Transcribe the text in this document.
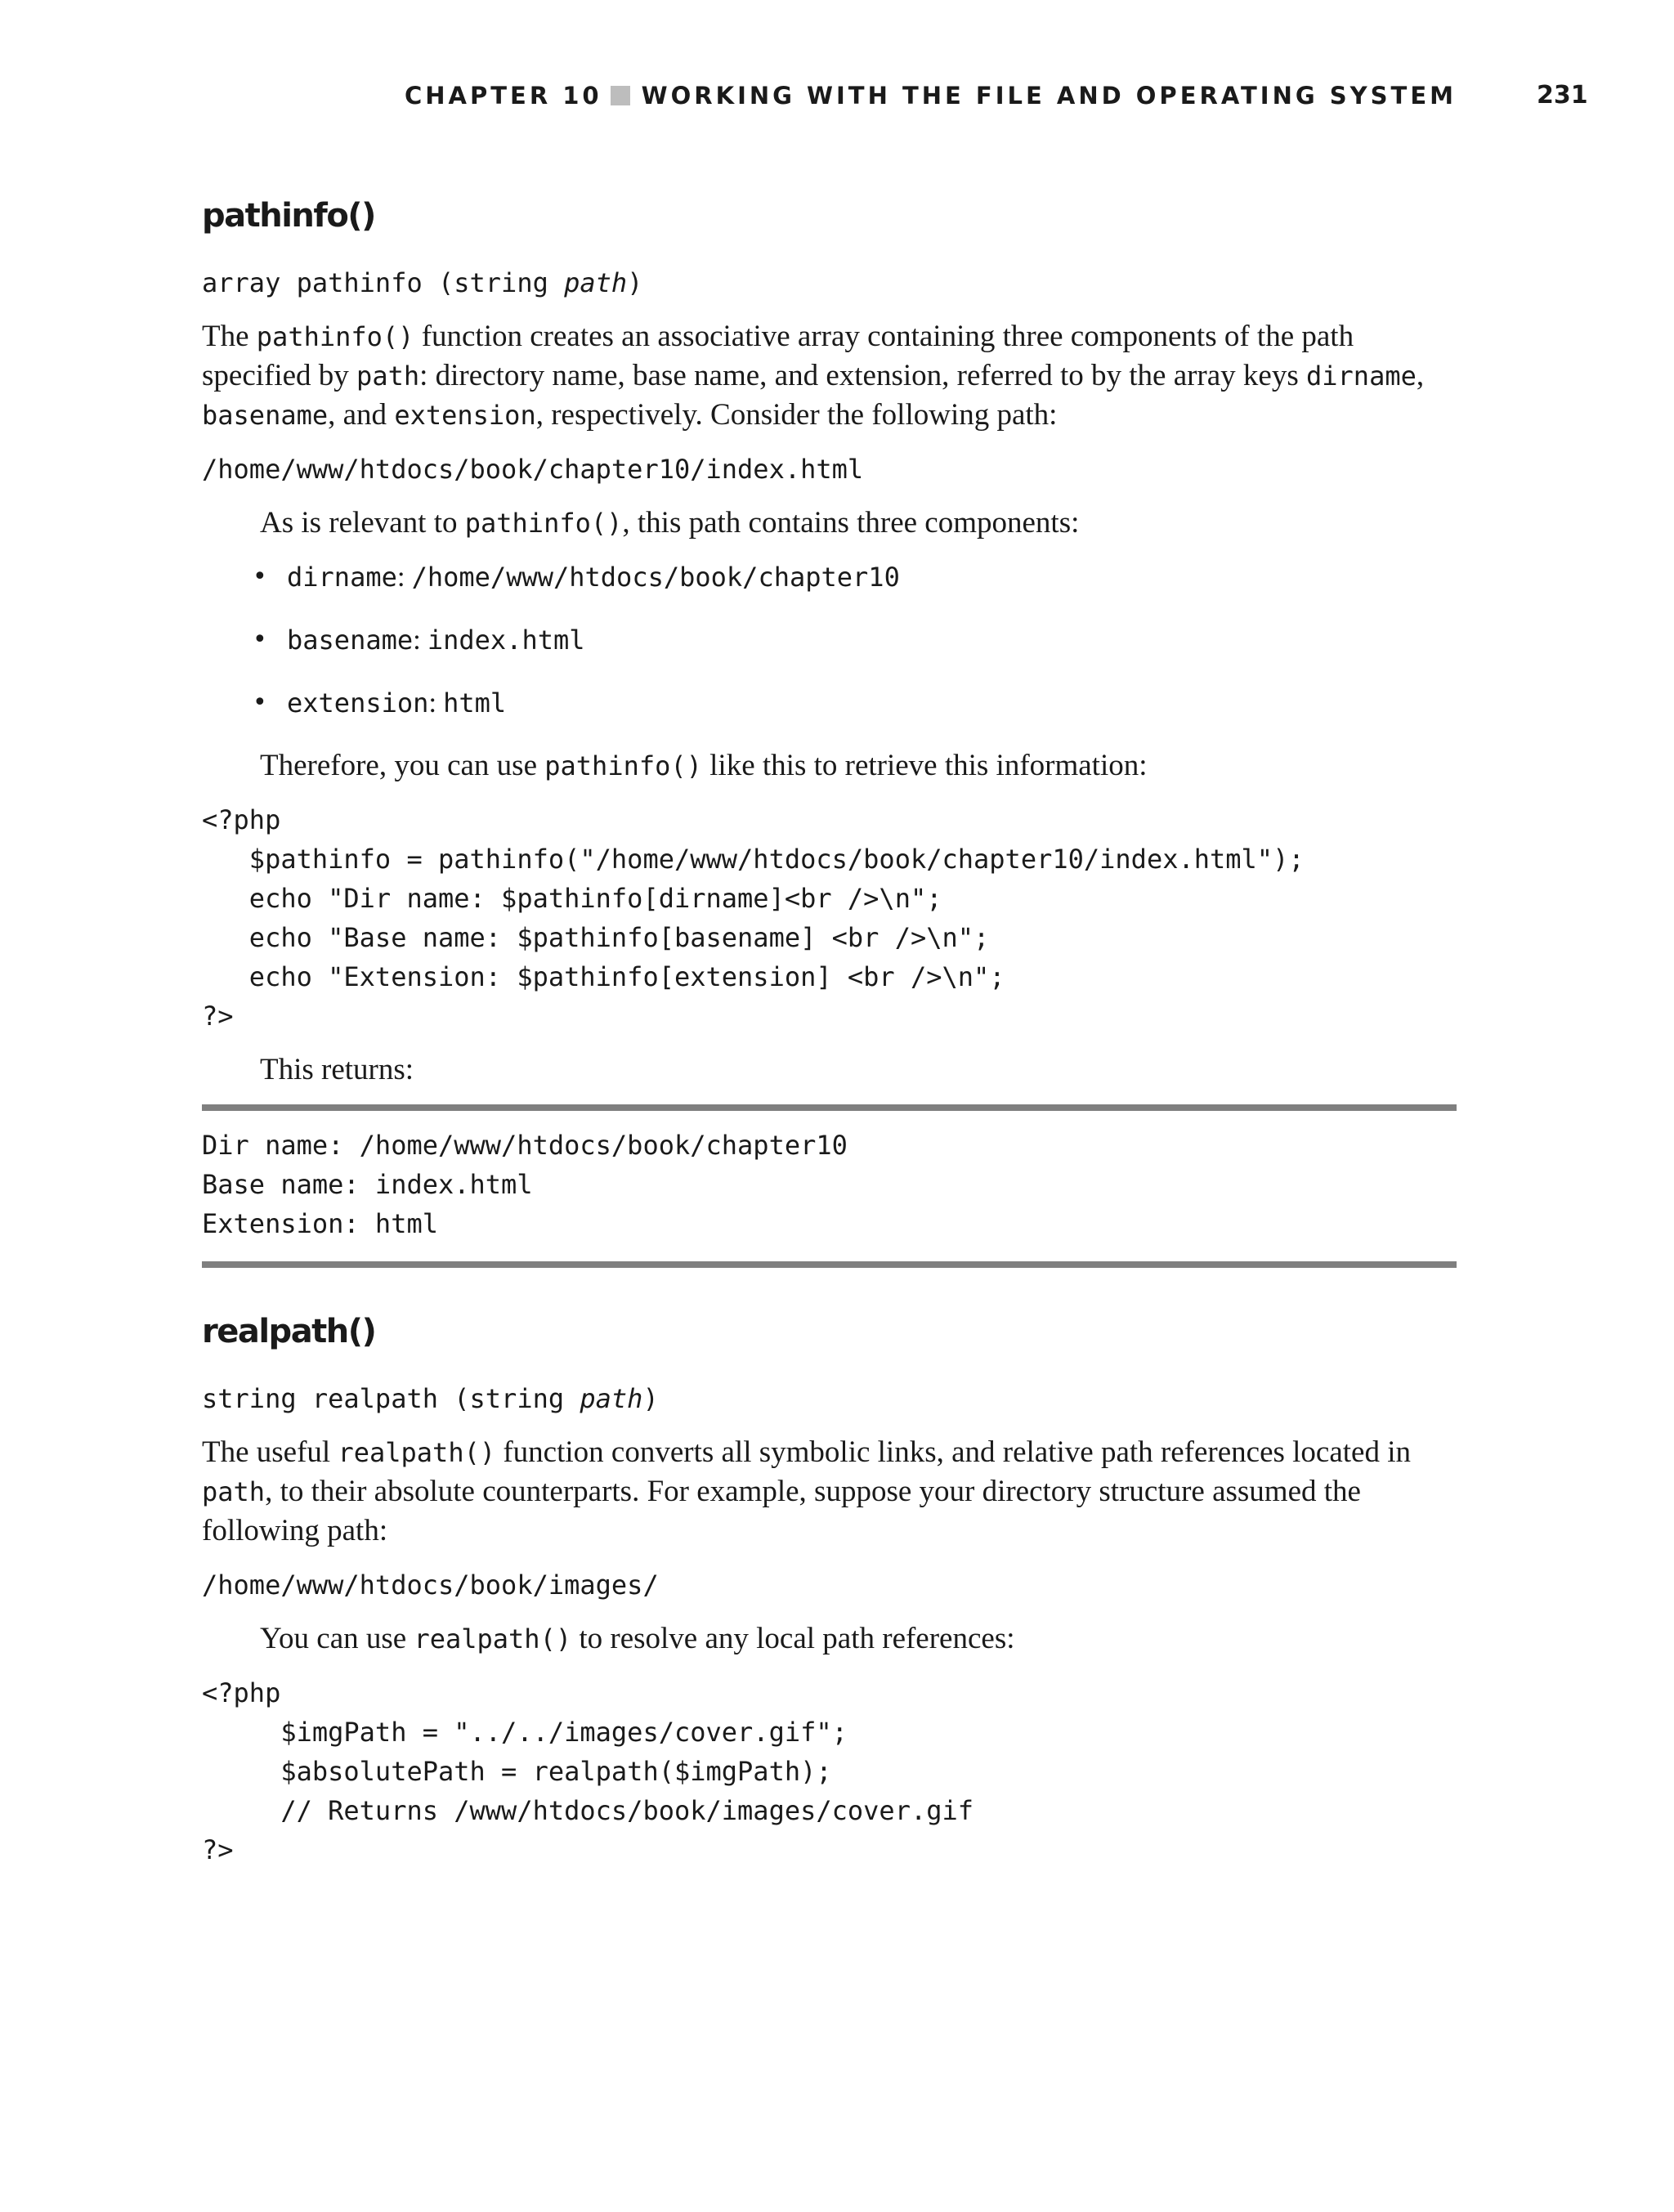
CHAPTER 10 WORKING WITH THE FILE AND OPERATING SYSTEM	231
pathinfo()
array pathinfo (string path)

The pathinfo() function creates an associative array containing three components of the path specified by path: directory name, base name, and extension, referred to by the array keys dirname, basename, and extension, respectively. Consider the following path:

/home/www/htdocs/book/chapter10/index.html

As is relevant to pathinfo(), this path contains three components:

• dirname: /home/www/htdocs/book/chapter10
• basename: index.html
• extension: html

Therefore, you can use pathinfo() like this to retrieve this information:

<?php
$pathinfo = pathinfo("/home/www/htdocs/book/chapter10/index.html");
echo "Dir name: $pathinfo[dirname]<br />\n";
echo "Base name: $pathinfo[basename] <br />\n";
echo "Extension: $pathinfo[extension] <br />\n";
?>

This returns:

Dir name: /home/www/htdocs/book/chapter10
Base name: index.html
Extension: html
realpath()
string realpath (string path)

The useful realpath() function converts all symbolic links, and relative path references located in path, to their absolute counterparts. For example, suppose your directory structure assumed the following path:

/home/www/htdocs/book/images/

You can use realpath() to resolve any local path references:

<?php
$imgPath = "../../images/cover.gif";
$absolutePath = realpath($imgPath);
// Returns /www/htdocs/book/images/cover.gif
?>
